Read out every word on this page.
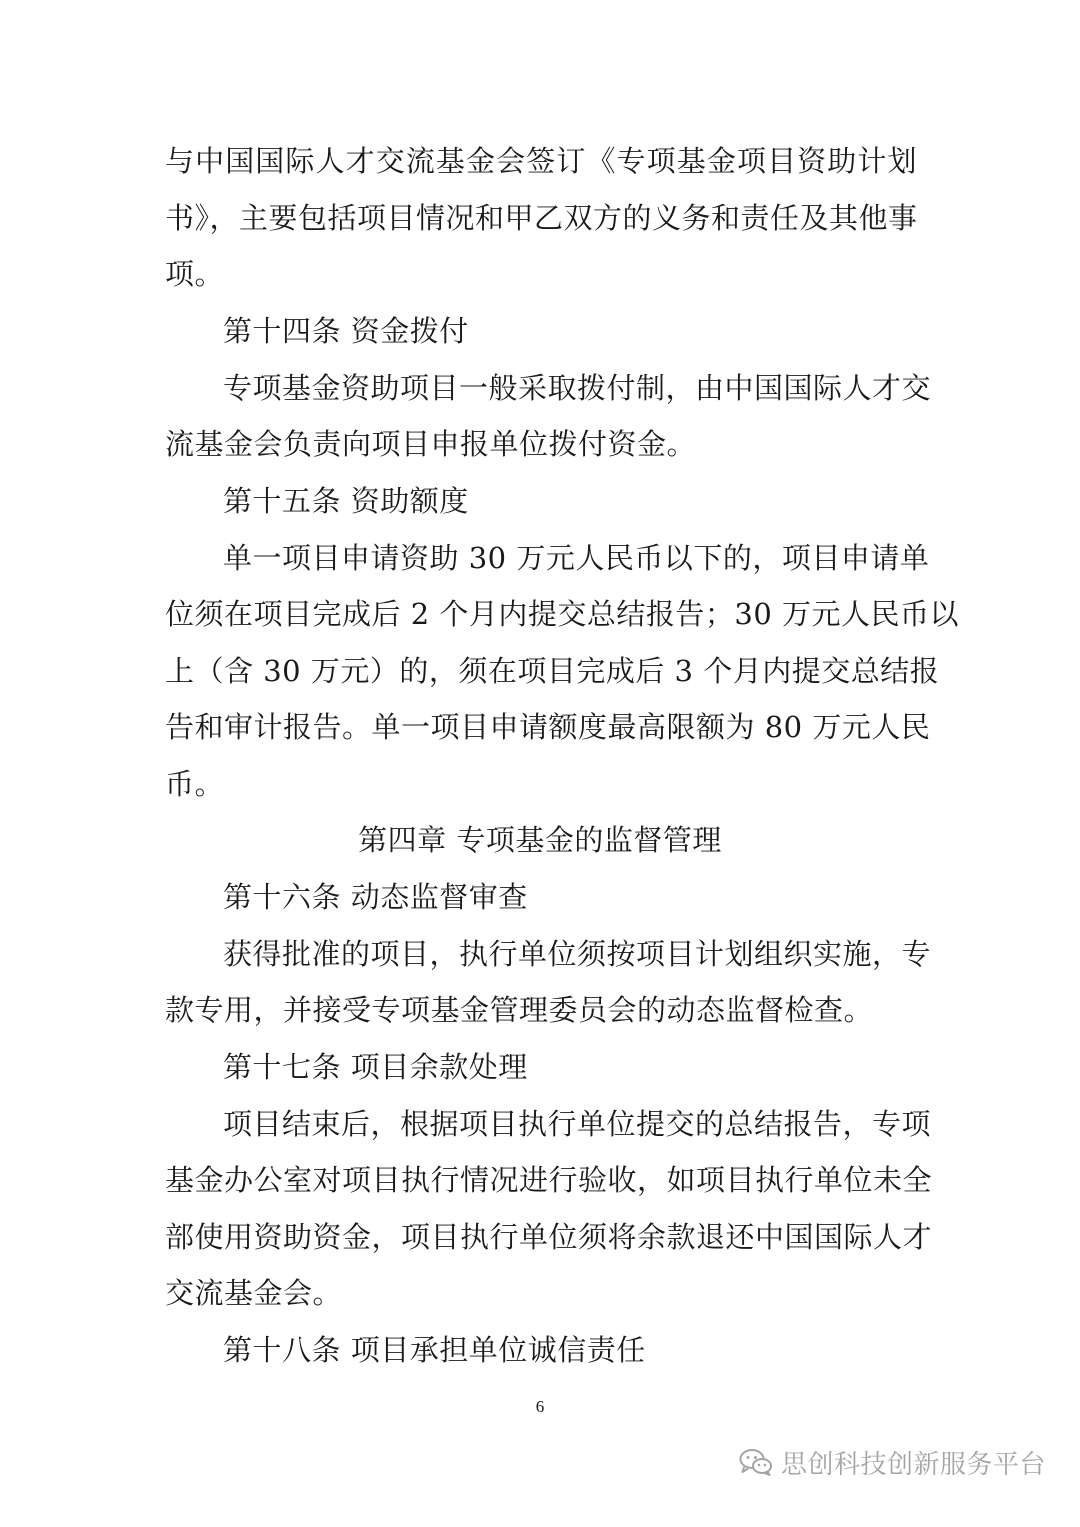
与中国国际人才交流基金会签订《专项基金项目资助计划
书》，主要包括项目情况和甲乙双方的义务和责任及其他事
项。
第十四条 资金拨付
专项基金资助项目一般采取拨付制，由中国国际人才交
流基金会负责向项目申报单位拨付资金。
第十五条 资助额度
单一项目申请资助 30 万元人民币以下的，项目申请单
位须在项目完成后 2 个月内提交总结报告；30 万元人民币以
上（含 30 万元）的，须在项目完成后 3 个月内提交总结报
告和审计报告。单一项目申请额度最高限额为 80 万元人民
币。
第四章 专项基金的监督管理
第十六条 动态监督审查
获得批准的项目，执行单位须按项目计划组织实施，专
款专用，并接受专项基金管理委员会的动态监督检查。
第十七条 项目余款处理
项目结束后，根据项目执行单位提交的总结报告，专项
基金办公室对项目执行情况进行验收，如项目执行单位未全
部使用资助资金，项目执行单位须将余款退还中国国际人才
交流基金会。
第十八条 项目承担单位诚信责任
6
思创科技创新服务平台
